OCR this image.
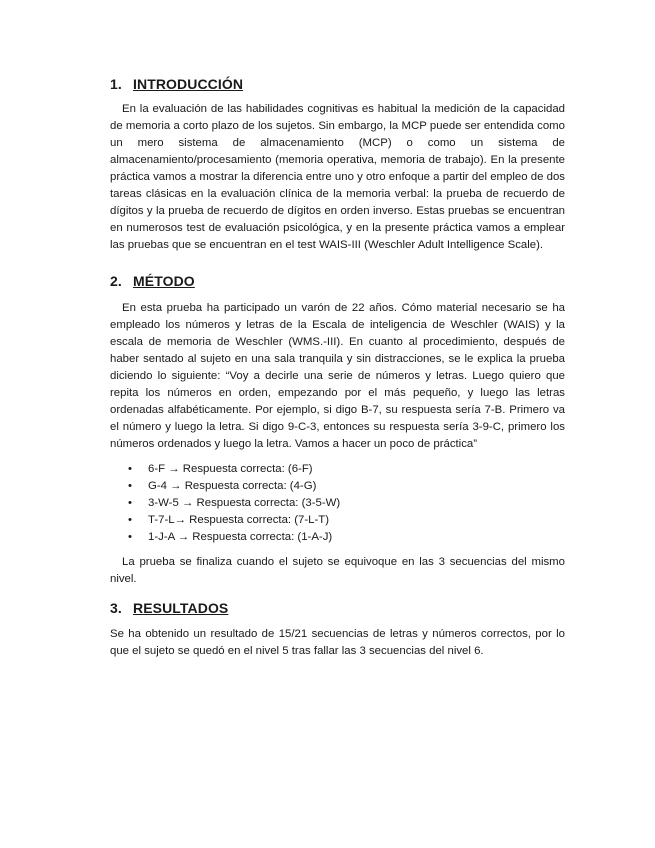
1. INTRODUCCIÓN

En la evaluación de las habilidades cognitivas es habitual la medición de la capacidad de memoria a corto plazo de los sujetos. Sin embargo, la MCP puede ser entendida como un mero sistema de almacenamiento (MCP) o como un sistema de almacenamiento/procesamiento (memoria operativa, memoria de trabajo). En la presente práctica vamos a mostrar la diferencia entre uno y otro enfoque a partir del empleo de dos tareas clásicas en la evaluación clínica de la memoria verbal: la prueba de recuerdo de dígitos y la prueba de recuerdo de dígitos en orden inverso. Estas pruebas se encuentran en numerosos test de evaluación psicológica, y en la presente práctica vamos a emplear las pruebas que se encuentran en el test WAIS-III (Weschler Adult Intelligence Scale).

2. MÉTODO

En esta prueba ha participado un varón de 22 años. Cómo material necesario se ha empleado los números y letras de la Escala de inteligencia de Weschler (WAIS) y la escala de memoria de Weschler (WMS.-III). En cuanto al procedimiento, después de haber sentado al sujeto en una sala tranquila y sin distracciones, se le explica la prueba diciendo lo siguiente: “Voy a decirle una serie de números y letras. Luego quiero que repita los números en orden, empezando por el más pequeño, y luego las letras ordenadas alfabéticamente. Por ejemplo, si digo B-7, su respuesta sería 7-B. Primero va el número y luego la letra. Si digo 9-C-3, entonces su respuesta sería 3-9-C, primero los números ordenados y luego la letra. Vamos a hacer un poco de práctica”

• 6-F → Respuesta correcta: (6-F)
• G-4 → Respuesta correcta: (4-G)
• 3-W-5 → Respuesta correcta: (3-5-W)
• T-7-L→ Respuesta correcta: (7-L-T)
• 1-J-A → Respuesta correcta: (1-A-J)

La prueba se finaliza cuando el sujeto se equivoque en las 3 secuencias del mismo nivel.

3. RESULTADOS

Se ha obtenido un resultado de 15/21 secuencias de letras y números correctos, por lo que el sujeto se quedó en el nivel 5 tras fallar las 3 secuencias del nivel 6.
